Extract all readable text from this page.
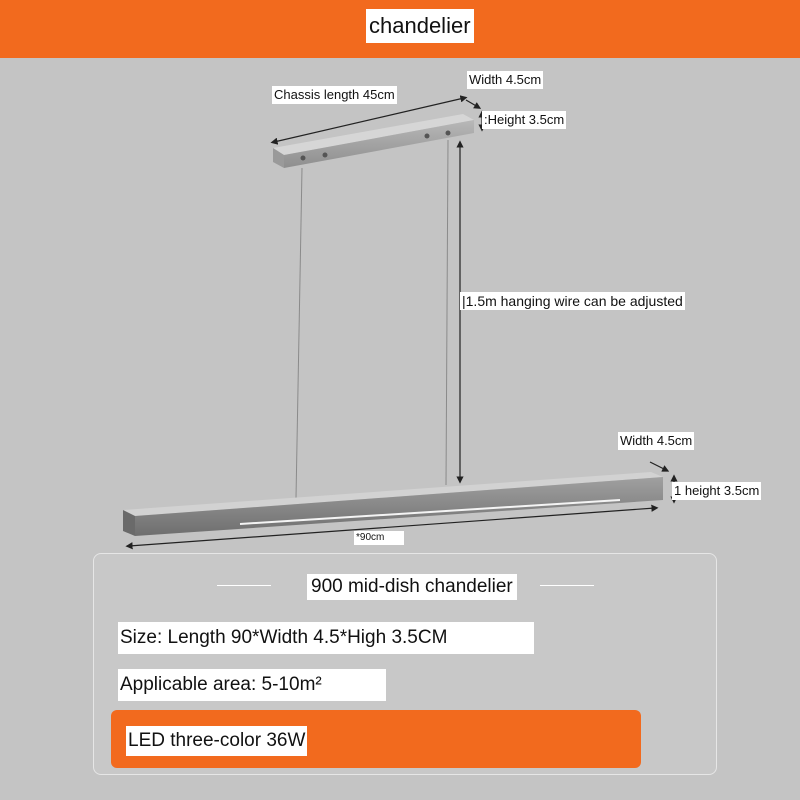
chandelier
Chassis length 45cm
Width 4.5cm
:Height 3.5cm
|1.5m hanging wire can be adjusted
Width 4.5cm
1 height 3.5cm
*90cm
900 mid-dish chandelier
Size: Length 90*Width 4.5*High 3.5CM
Applicable area: 5-10m²
LED three-color 36W
